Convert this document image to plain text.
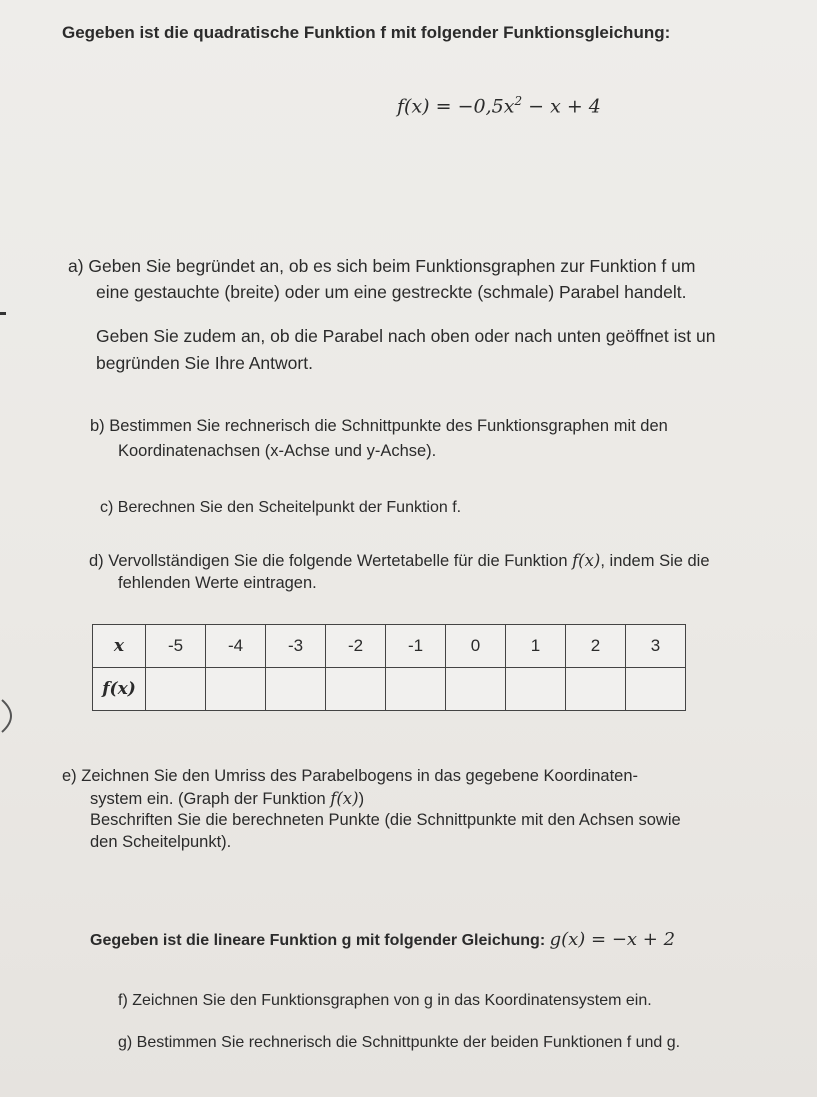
Gegeben ist die quadratische Funktion f mit folgender Funktionsgleichung:
$f(x) = -0,5x^2 - x + 4$
a) Geben Sie begründet an, ob es sich beim Funktionsgraphen zur Funktion f um
eine gestauchte (breite) oder um eine gestreckte (schmale) Parabel handelt.
Geben Sie zudem an, ob die Parabel nach oben oder nach unten geöffnet ist un
begründen Sie Ihre Antwort.
b) Bestimmen Sie rechnerisch die Schnittpunkte des Funktionsgraphen mit den
Koordinatenachsen (x-Achse und y-Achse).
c) Berechnen Sie den Scheitelpunkt der Funktion f.
d) Vervollständigen Sie die folgende Wertetabelle für die Funktion f(x), indem Sie die
fehlenden Werte eintragen.
x	-5	-4	-3	-2	-1	0	1	2	3
f(x)									
e) Zeichnen Sie den Umriss des Parabelbogens in das gegebene Koordinaten-
system ein. (Graph der Funktion f(x))
Beschriften Sie die berechneten Punkte (die Schnittpunkte mit den Achsen sowie
den Scheitelpunkt).
Gegeben ist die lineare Funktion g mit folgender Gleichung: g(x) = −x + 2
f) Zeichnen Sie den Funktionsgraphen von g in das Koordinatensystem ein.
g) Bestimmen Sie rechnerisch die Schnittpunkte der beiden Funktionen f und g.
